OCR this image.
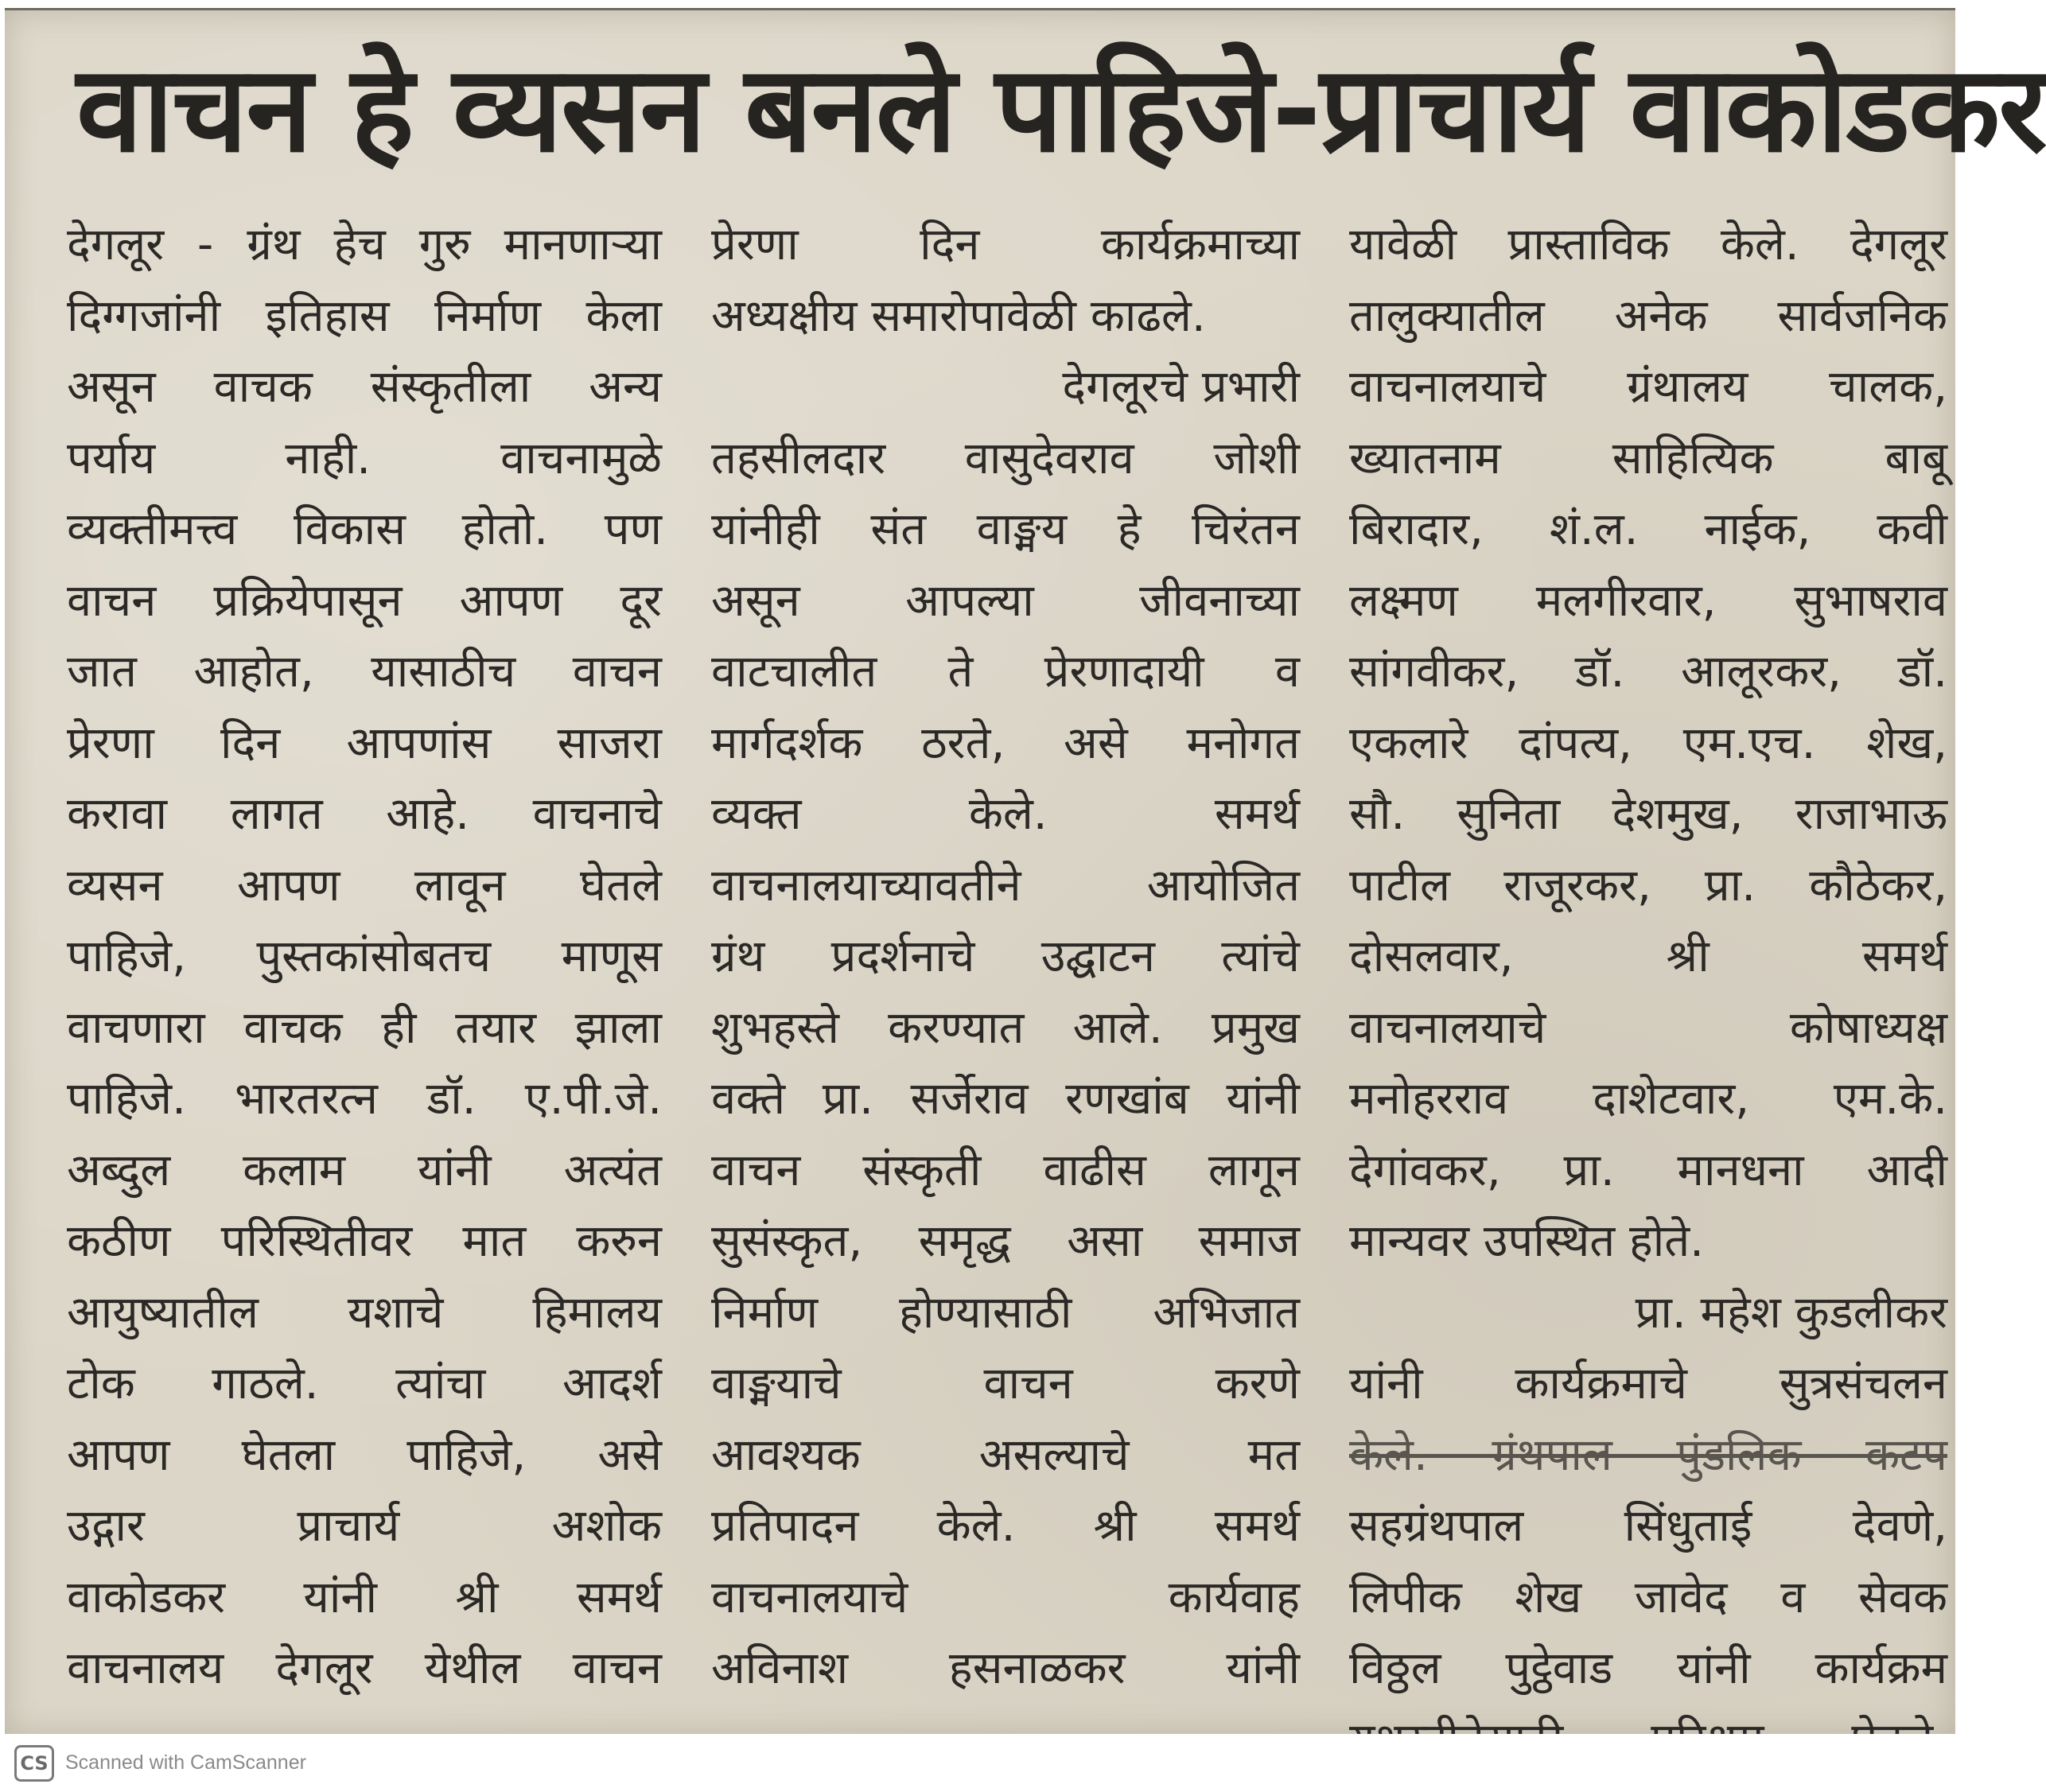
वाचन हे व्यसन बनले पाहिजे-प्राचार्य वाकोडकर
देगलूर - ग्रंथ हेच गुरु मानणाऱ्या
दिग्गजांनी इतिहास निर्माण केला
असून वाचक संस्कृतीला अन्य
पर्याय नाही. वाचनामुळे
व्यक्तीमत्त्व विकास होतो. पण
वाचन प्रक्रियेपासून आपण दूर
जात आहोत, यासाठीच वाचन
प्रेरणा दिन आपणांस साजरा
करावा लागत आहे. वाचनाचे
व्यसन आपण लावून घेतले
पाहिजे, पुस्तकांसोबतच माणूस
वाचणारा वाचक ही तयार झाला
पाहिजे. भारतरत्न डॉ. ए.पी.जे.
अब्दुल कलाम यांनी अत्यंत
कठीण परिस्थितीवर मात करुन
आयुष्यातील यशाचे हिमालय
टोक गाठले. त्यांचा आदर्श
आपण घेतला पाहिजे, असे
उद्गार प्राचार्य अशोक
वाकोडकर यांनी श्री समर्थ
वाचनालय देगलूर येथील वाचन
प्रेरणा दिन कार्यक्रमाच्या
अध्यक्षीय समारोपावेळी काढले.
देगलूरचे प्रभारी
तहसीलदार वासुदेवराव जोशी
यांनीही संत वाङ्मय हे चिरंतन
असून आपल्या जीवनाच्या
वाटचालीत ते प्रेरणादायी व
मार्गदर्शक ठरते, असे मनोगत
व्यक्त केले. समर्थ
वाचनालयाच्यावतीने आयोजित
ग्रंथ प्रदर्शनाचे उद्घाटन त्यांचे
शुभहस्ते करण्यात आले. प्रमुख
वक्ते प्रा. सर्जेराव रणखांब यांनी
वाचन संस्कृती वाढीस लागून
सुसंस्कृत, समृद्ध असा समाज
निर्माण होण्यासाठी अभिजात
वाङ्मयाचे वाचन करणे
आवश्यक असल्याचे मत
प्रतिपादन केले. श्री समर्थ
वाचनालयाचे कार्यवाह
अविनाश हसनाळकर यांनी
यावेळी प्रास्ताविक केले. देगलूर
तालुक्यातील अनेक सार्वजनिक
वाचनालयाचे ग्रंथालय चालक,
ख्यातनाम साहित्यिक बाबू
बिरादार, शं.ल. नाईक, कवी
लक्ष्मण मलगीरवार, सुभाषराव
सांगवीकर, डॉ. आलूरकर, डॉ.
एकलारे दांपत्य, एम.एच. शेख,
सौ. सुनिता देशमुख, राजाभाऊ
पाटील राजूरकर, प्रा. कौठेकर,
दोसलवार, श्री समर्थ
वाचनालयाचे कोषाध्यक्ष
मनोहरराव दाशेटवार, एम.के.
देगांवकर, प्रा. मानधना आदी
मान्यवर उपस्थित होते.
प्रा. महेश कुडलीकर
यांनी कार्यक्रमाचे सुत्रसंचलन
केले. ग्रंथपाल पुंडलिक कटप
सहग्रंथपाल सिंधुताई देवणे,
लिपीक शेख जावेद व सेवक
विठ्ठल पुट्ठेवाड यांनी कार्यक्रम
CS Scanned with CamScanner
